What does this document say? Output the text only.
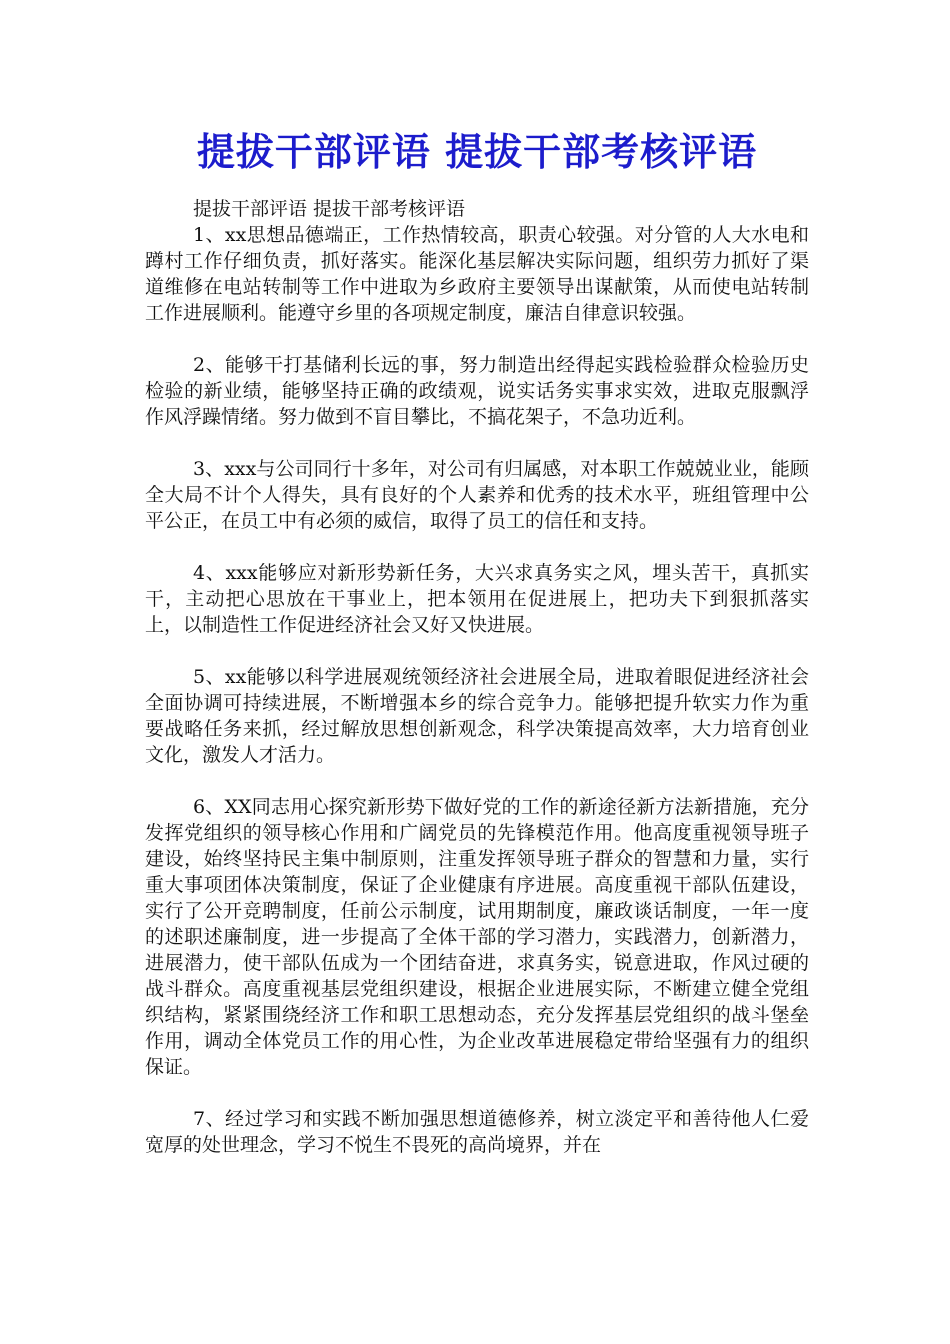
提拔干部评语 提拔干部考核评语

提拔干部评语 提拔干部考核评语

1、xx思想品德端正，工作热情较高，职责心较强。对分管的人大水电和蹲村工作仔细负责，抓好落实。能深化基层解决实际问题，组织劳力抓好了渠道维修在电站转制等工作中进取为乡政府主要领导出谋献策，从而使电站转制工作进展顺利。能遵守乡里的各项规定制度，廉洁自律意识较强。

2、能够干打基储利长远的事，努力制造出经得起实践检验群众检验历史检验的新业绩，能够坚持正确的政绩观，说实话务实事求实效，进取克服飘浮作风浮躁情绪。努力做到不盲目攀比，不搞花架子，不急功近利。

3、xxx与公司同行十多年，对公司有归属感，对本职工作兢兢业业，能顾全大局不计个人得失，具有良好的个人素养和优秀的技术水平，班组管理中公平公正，在员工中有必须的威信，取得了员工的信任和支持。

4、xxx能够应对新形势新任务，大兴求真务实之风，埋头苦干，真抓实干，主动把心思放在干事业上，把本领用在促进展上，把功夫下到狠抓落实上，以制造性工作促进经济社会又好又快进展。

5、xx能够以科学进展观统领经济社会进展全局，进取着眼促进经济社会全面协调可持续进展，不断增强本乡的综合竞争力。能够把提升软实力作为重要战略任务来抓，经过解放思想创新观念，科学决策提高效率，大力培育创业文化，激发人才活力。

6、XX同志用心探究新形势下做好党的工作的新途径新方法新措施，充分发挥党组织的领导核心作用和广阔党员的先锋模范作用。他高度重视领导班子建设，始终坚持民主集中制原则，注重发挥领导班子群众的智慧和力量，实行重大事项团体决策制度，保证了企业健康有序进展。高度重视干部队伍建设，实行了公开竞聘制度，任前公示制度，试用期制度，廉政谈话制度，一年一度的述职述廉制度，进一步提高了全体干部的学习潜力，实践潜力，创新潜力，进展潜力，使干部队伍成为一个团结奋进，求真务实，锐意进取，作风过硬的战斗群众。高度重视基层党组织建设，根据企业进展实际，不断建立健全党组织结构，紧紧围绕经济工作和职工思想动态，充分发挥基层党组织的战斗堡垒作用，调动全体党员工作的用心性，为企业改革进展稳定带给坚强有力的组织保证。

7、经过学习和实践不断加强思想道德修养，树立淡定平和善待他人仁爱宽厚的处世理念，学习不悦生不畏死的高尚境界，并在
